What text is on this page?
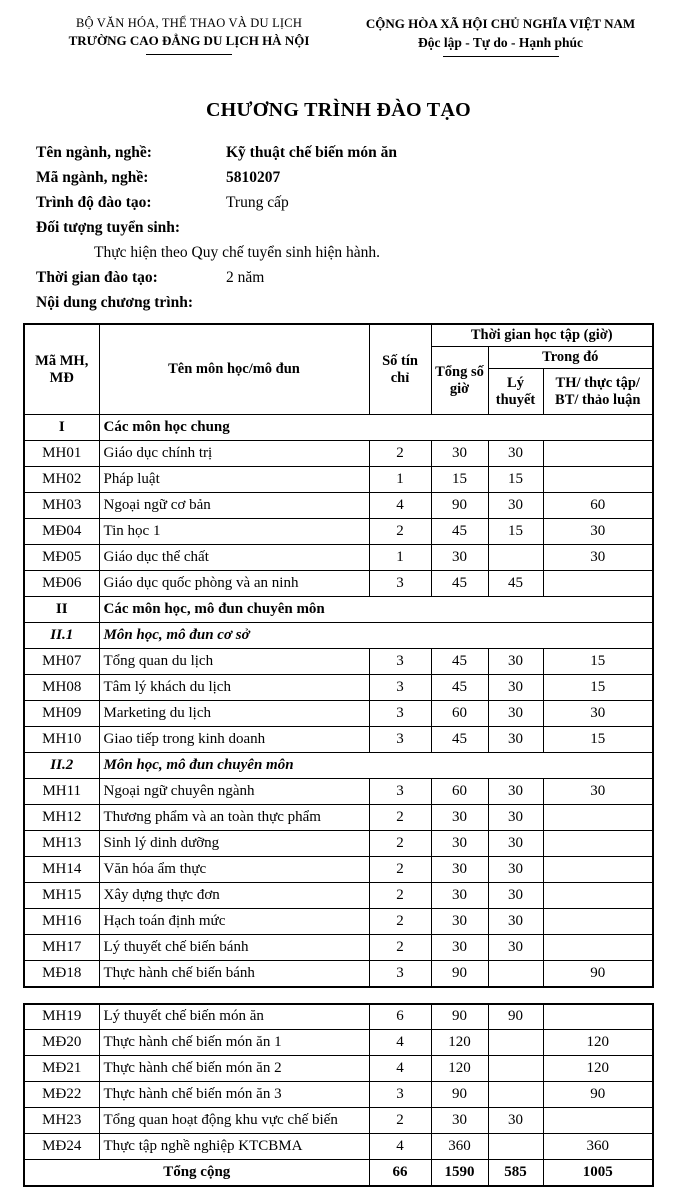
BỘ VĂN HÓA, THỂ THAO VÀ DU LỊCH
TRƯỜNG CAO ĐẲNG DU LỊCH HÀ NỘI
CỘNG HÒA XÃ HỘI CHỦ NGHĨA VIỆT NAM
Độc lập - Tự do - Hạnh phúc
CHƯƠNG TRÌNH ĐÀO TẠO
Tên ngành, nghề:	Kỹ thuật chế biến món ăn
Mã ngành, nghề:	5810207
Trình độ đào tạo:	Trung cấp
Đối tượng tuyển sinh:
Thực hiện theo Quy chế tuyển sinh hiện hành.
Thời gian đào tạo:	2 năm
Nội dung chương trình:
Mã MH, MĐ	Tên môn học/mô đun	Số tín chỉ	Thời gian học tập (giờ)		
			Tổng số giờ	Trong đó	
				Lý thuyết	TH/ thực tập/ BT/ thảo luận
I	Các môn học chung				
MH01	Giáo dục chính trị	2	30	30	
MH02	Pháp luật	1	15	15	
MH03	Ngoại ngữ cơ bản	4	90	30	60
MĐ04	Tin học 1	2	45	15	30
MĐ05	Giáo dục thể chất	1	30		30
MĐ06	Giáo dục quốc phòng và an ninh	3	45	45	
II	Các môn học, mô đun chuyên môn				
II.1	Môn học, mô đun cơ sở				
MH07	Tổng quan du lịch	3	45	30	15
MH08	Tâm lý khách du lịch	3	45	30	15
MH09	Marketing du lịch	3	60	30	30
MH10	Giao tiếp trong kinh doanh	3	45	30	15
II.2	Môn học, mô đun chuyên môn				
MH11	Ngoại ngữ chuyên ngành	3	60	30	30
MH12	Thương phẩm và an toàn thực phẩm	2	30	30	
MH13	Sinh lý dinh dưỡng	2	30	30	
MH14	Văn hóa ẩm thực	2	30	30	
MH15	Xây dựng thực đơn	2	30	30	
MH16	Hạch toán định mức	2	30	30	
MH17	Lý thuyết chế biến bánh	2	30	30	
MĐ18	Thực hành chế biến bánh	3	90		90
MH19	Lý thuyết chế biến món ăn	6	90	90	
MĐ20	Thực hành chế biến món ăn 1	4	120		120
MĐ21	Thực hành chế biến món ăn 2	4	120		120
MĐ22	Thực hành chế biến món ăn 3	3	90		90
MH23	Tổng quan hoạt động khu vực chế biến	2	30	30	
MĐ24	Thực tập nghề nghiệp KTCBMA	4	360		360
Tổng cộng		66	1590	585	1005
